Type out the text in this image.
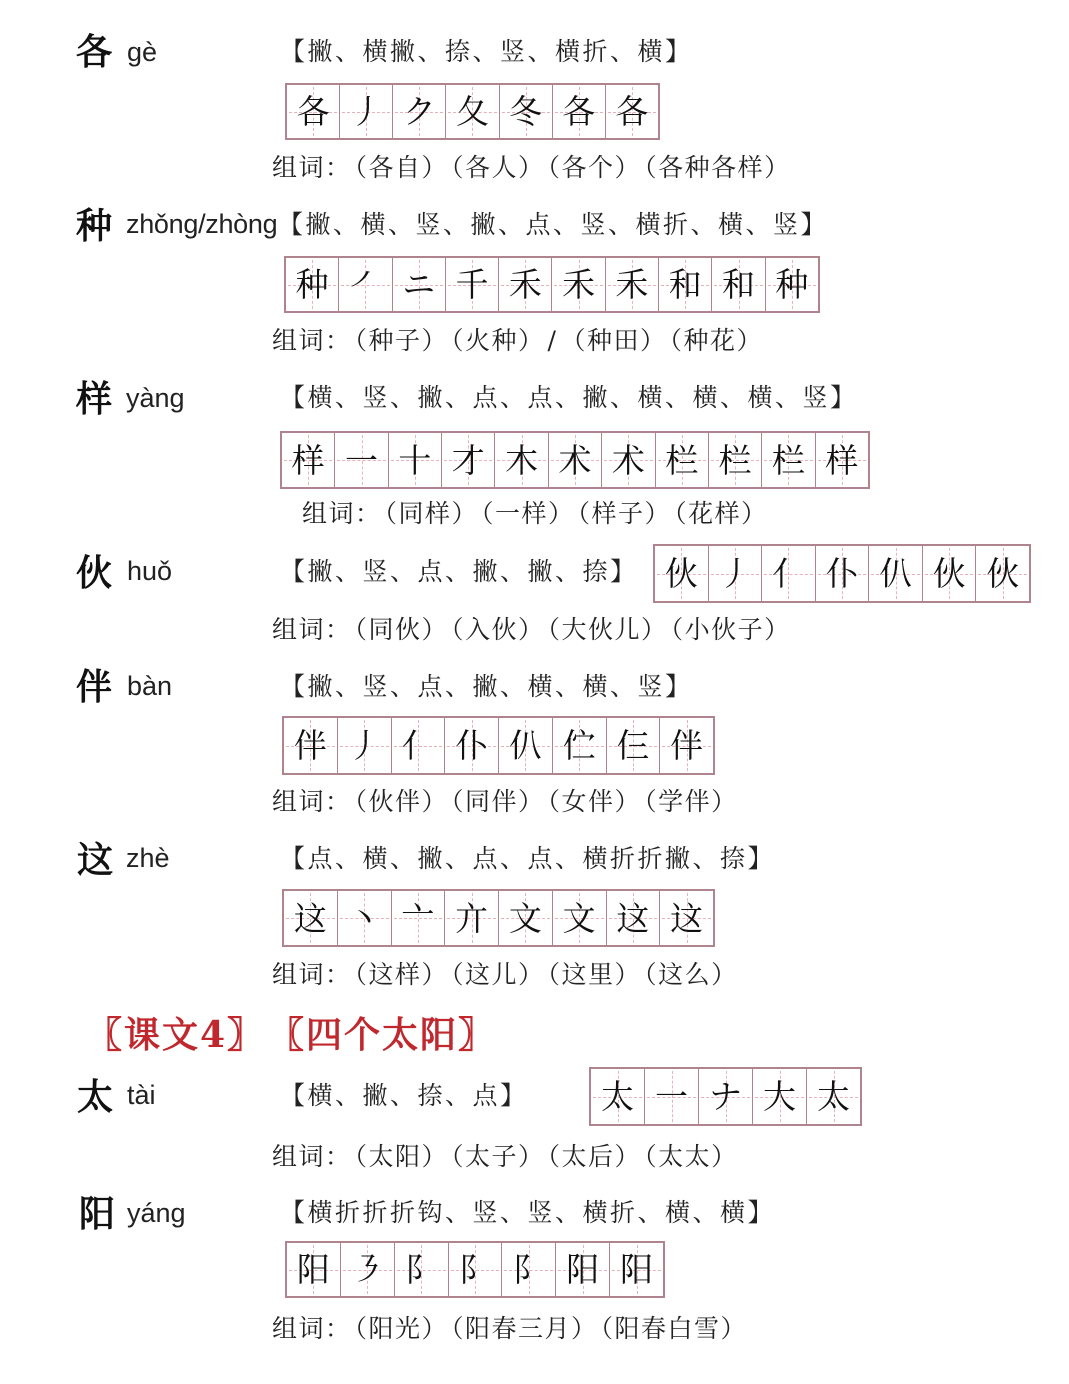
各 gè	【撇、横撇、捺、竖、横折、横】
各 丿 ク 夂 冬 各 各
组词： （各自） （各人） （各个） （各种各样）
种 zhǒng/zhòng 【撇、横、竖、撇、点、竖、横折、横、竖】
种 ㇒ ニ 千 禾 禾 禾 和 和 种
组词： （种子） （火种） / （种田） （种花）
样 yàng	【横、竖、撇、点、点、撇、横、横、横、竖】
样 一 十 才 木 术 术 栏 栏 栏 样
组词： （同样） （一样） （样子） （花样）
伙 huǒ	【撇、竖、点、撇、撇、捺】 伙 丿 亻 仆 仈 伙 伙
组词： （同伙） （入伙） （大伙儿） （小伙子）
伴 bàn	【撇、竖、点、撇、横、横、竖】
伴 丿 亻 仆 仈 伫 仨 伴
组词： （伙伴） （同伴） （女伴） （学伴）
这 zhè	【点、横、撇、点、点、横折折撇、捺】
这 丶 亠 亣 文 文 这 这
组词： （这样） （这儿） （这里） （这么）
〖课文4〗 〖四个太阳〗
太 tài	【横、撇、捺、点】 太 一 ナ 大 太
组词： （太阳） （太子） （太后） （太太）
阳 yáng	【横折折折钩、竖、竖、横折、横、横】
阳 ㇋ 阝 阝 阝 阳 阳
组词： （阳光） （阳春三月） （阳春白雪）
